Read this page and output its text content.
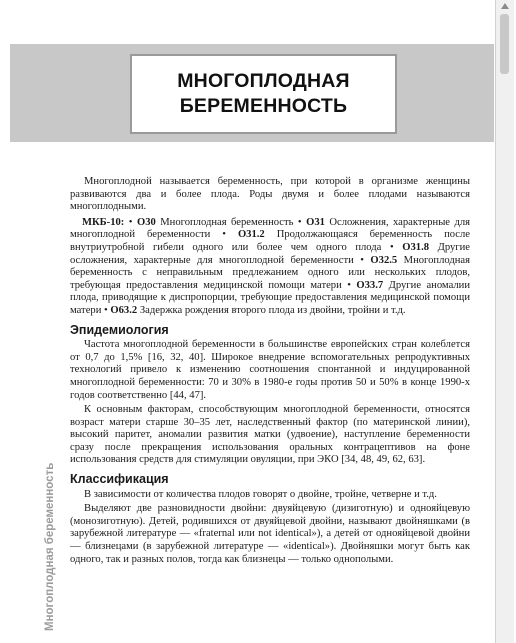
МНОГОПЛОДНАЯ
БЕРЕМЕННОСТЬ
Многоплодная беременность

Многоплодной называется беременность, при которой в организме женщины развиваются два и более плода. Роды двумя и более плодами называются многоплодными.

МКБ-10: • О30 Многоплодная беременность • О31 Осложнения, характерные для многоплодной беременности • О31.2 Продолжающаяся беременность после внутриутробной гибели одного или более чем одного плода • О31.8 Другие осложнения, характерные для многоплодной беременности • О32.5 Многоплодная беременность с неправильным предлежанием одного или нескольких плодов, требующая предоставления медицинской помощи матери • О33.7 Другие аномалии плода, приводящие к диспропорции, требующие предоставления медицинской помощи матери • О63.2 Задержка рождения второго плода из двойни, тройни и т.д.

Эпидемиология

Частота многоплодной беременности в большинстве европейских стран колеблется от 0,7 до 1,5% [16, 32, 40]. Широкое внедрение вспомогательных репродуктивных технологий привело к изменению соотношения спонтанной и индуцированной многоплодной беременности: 70 и 30% в 1980-е годы против 50 и 50% в конце 1990-х годов соответственно [44, 47].

К основным факторам, способствующим многоплодной беременности, относятся возраст матери старше 30–35 лет, наследственный фактор (по материнской линии), высокий паритет, аномалии развития матки (удвоение), наступление беременности сразу после прекращения использования оральных контрацептивов на фоне использования средств для стимуляции овуляции, при ЭКО [34, 48, 49, 62, 63].

Классификация

В зависимости от количества плодов говорят о двойне, тройне, четверне и т.д.

Выделяют две разновидности двойни: двуяйцевую (дизиготную) и однояйцевую (монозиготную). Детей, родившихся от двуяйцевой двойни, называют двойняшками (в зарубежной литературе — «fraternal или not identical»), а детей от однояйцевой двойни — близнецами (в зарубежной литературе — «identical»). Двойняшки могут быть как одного, так и разных полов, тогда как близнецы — только однополыми.
